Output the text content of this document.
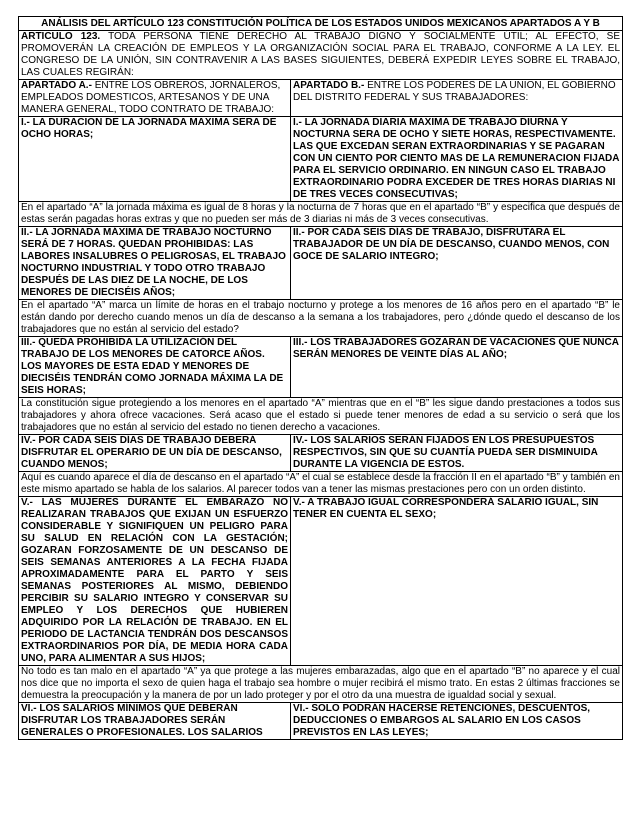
ANÁLISIS DEL ARTÍCULO 123 CONSTITUCIÓN POLÍTICA DE LOS ESTADOS UNIDOS MEXICANOS APARTADOS A Y B	
ARTICULO 123. TODA PERSONA TIENE DERECHO AL TRABAJO DIGNO Y SOCIALMENTE ÚTIL; AL EFECTO, SE PROMOVERÁN LA CREACIÓN DE EMPLEOS Y LA ORGANIZACIÓN SOCIAL PARA EL TRABAJO, CONFORME A LA LEY. EL CONGRESO DE LA UNIÓN, SIN CONTRAVENIR A LAS BASES SIGUIENTES, DEBERÁ EXPEDIR LEYES SOBRE EL TRABAJO, LAS CUALES REGIRÁN:	
APARTADO A.- ENTRE LOS OBREROS, JORNALEROS, EMPLEADOS DOMESTICOS, ARTESANOS Y DE UNA MANERA GENERAL, TODO CONTRATO DE TRABAJO:	APARTADO B.- ENTRE LOS PODERES DE LA UNION, EL GOBIERNO DEL DISTRITO FEDERAL Y SUS TRABAJADORES:
I.- LA DURACION DE LA JORNADA MAXIMA SERA DE OCHO HORAS;	I.- LA JORNADA DIARIA MAXIMA DE TRABAJO DIURNA Y NOCTURNA SERA DE OCHO Y SIETE HORAS, RESPECTIVAMENTE. LAS QUE EXCEDAN SERAN EXTRAORDINARIAS Y SE PAGARAN CON UN CIENTO POR CIENTO MAS DE LA REMUNERACION FIJADA PARA EL SERVICIO ORDINARIO. EN NINGUN CASO EL TRABAJO EXTRAORDINARIO PODRA EXCEDER DE TRES HORAS DIARIAS NI DE TRES VECES CONSECUTIVAS;
En el apartado “A” la jornada máxima es igual de 8 horas y la nocturna de 7 horas que en el apartado “B” y especifica que después de estas serán pagadas horas extras y que no pueden ser más de 3 diarias ni más de 3 veces consecutivas.	
II.- LA JORNADA MÁXIMA DE TRABAJO NOCTURNO SERÁ DE 7 HORAS. QUEDAN PROHIBIDAS: LAS LABORES INSALUBRES O PELIGROSAS, EL TRABAJO NOCTURNO INDUSTRIAL Y TODO OTRO TRABAJO DESPUÉS DE LAS DIEZ DE LA NOCHE, DE LOS MENORES DE DIECISÉIS AÑOS;	II.- POR CADA SEIS DÍAS DE TRABAJO, DISFRUTARA EL TRABAJADOR DE UN DÍA DE DESCANSO, CUANDO MENOS, CON GOCE DE SALARIO INTEGRO;
En el apartado “A” marca un límite de horas en el trabajo nocturno y protege a los menores de 16 años pero en el apartado “B” le están dando por derecho cuando menos un día de descanso a la semana a los trabajadores, pero ¿dónde quedo el descanso de los trabajadores que no están al servicio del estado?	
III.- QUEDA PROHIBIDA LA UTILIZACIÓN DEL TRABAJO DE LOS MENORES DE CATORCE AÑOS. LOS MAYORES DE ESTA EDAD Y MENORES DE DIECISÉIS TENDRÁN COMO JORNADA MÁXIMA LA DE SEIS HORAS;	III.- LOS TRABAJADORES GOZARAN DE VACACIONES QUE NUNCA SERÁN MENORES DE VEINTE DÍAS AL AÑO;
La constitución sigue protegiendo a los menores en el apartado “A” mientras que en el “B” les sigue dando prestaciones a todos sus trabajadores y ahora ofrece vacaciones. Será acaso que el estado si puede tener menores de edad a su servicio o será que los trabajadores que no están al servicio del estado no tienen derecho a vacaciones.	
IV.- POR CADA SEIS DÍAS DE TRABAJO DEBERÁ DISFRUTAR EL OPERARIO DE UN DÍA DE DESCANSO, CUANDO MENOS;	IV.- LOS SALARIOS SERÁN FIJADOS EN LOS PRESUPUESTOS RESPECTIVOS, SIN QUE SU CUANTÍA PUEDA SER DISMINUIDA DURANTE LA VIGENCIA DE ESTOS.
Aquí es cuando aparece el día de descanso en el apartado “A” el cual se establece desde la fracción II en el apartado “B” y también en este mismo apartado se habla de los salarios. Al parecer todos van a tener las mismas prestaciones pero con un orden distinto.	
V.- LAS MUJERES DURANTE EL EMBARAZO NO REALIZARAN TRABAJOS QUE EXIJAN UN ESFUERZO CONSIDERABLE Y SIGNIFIQUEN UN PELIGRO PARA SU SALUD EN RELACIÓN CON LA GESTACIÓN; GOZARAN FORZOSAMENTE DE UN DESCANSO DE SEIS SEMANAS ANTERIORES A LA FECHA FIJADA APROXIMADAMENTE PARA EL PARTO Y SEIS SEMANAS POSTERIORES AL MISMO, DEBIENDO PERCIBIR SU SALARIO INTEGRO Y CONSERVAR SU EMPLEO Y LOS DERECHOS QUE HUBIEREN ADQUIRIDO POR LA RELACIÓN DE TRABAJO. EN EL PERIODO DE LACTANCIA TENDRÁN DOS DESCANSOS EXTRAORDINARIOS POR DÍA, DE MEDIA HORA CADA UNO, PARA ALIMENTAR A SUS HIJOS;	V.- A TRABAJO IGUAL CORRESPONDERÁ SALARIO IGUAL, SIN TENER EN CUENTA EL SEXO;
No todo es tan malo en el apartado “A” ya que protege a las mujeres embarazadas, algo que en el apartado “B” no aparece y el cual nos dice que no importa el sexo de quien haga el trabajo sea hombre o mujer recibirá el mismo trato. En estas 2 últimas fracciones se demuestra la preocupación y la manera de por un lado proteger y por el otro da una muestra de igualdad social y sexual.	
VI.- LOS SALARIOS MÍNIMOS QUE DEBERÁN DISFRUTAR LOS TRABAJADORES SERÁN GENERALES O PROFESIONALES. LOS SALARIOS	VI.- SOLO PODRÁN HACERSE RETENCIONES, DESCUENTOS, DEDUCCIONES O EMBARGOS AL SALARIO EN LOS CASOS PREVISTOS EN LAS LEYES;
